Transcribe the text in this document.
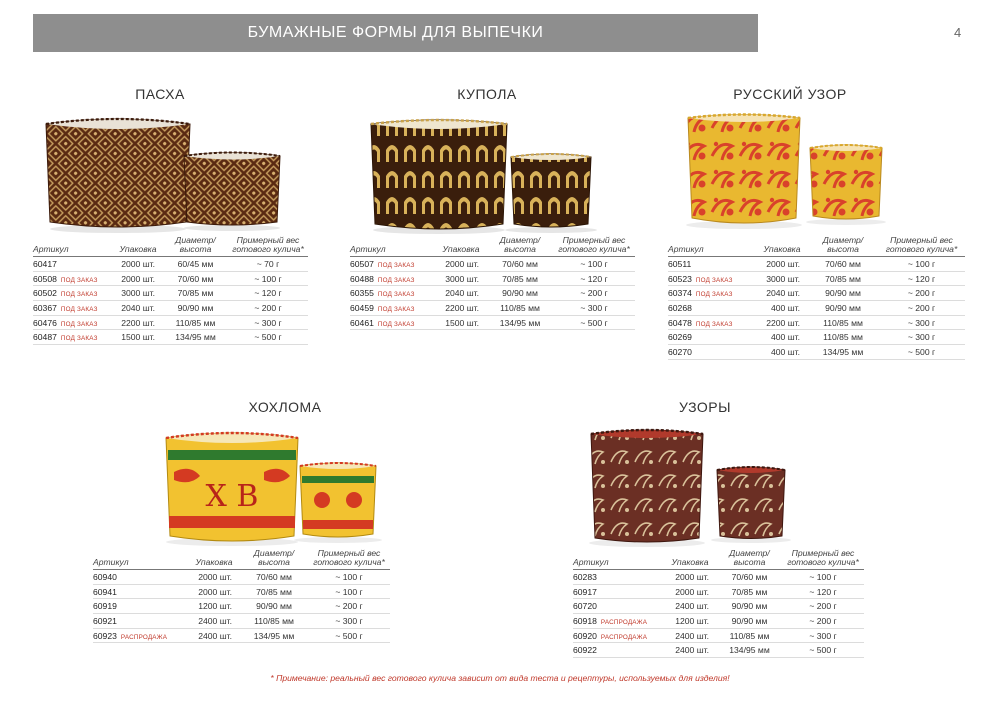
БУМАЖНЫЕ ФОРМЫ ДЛЯ ВЫПЕЧКИ	4
ПАСХА	КУПОЛА	РУССКИЙ УЗОР
ХОХЛОМА	УЗОРЫ
Х В
Артикул	Упаковка	Диаметр/
высота	Примерный вес
готового кулича*
60417	2000 шт.	60/45 мм	~ 70 г
60508 ПОД ЗАКАЗ	2000 шт.	70/60 мм	~ 100 г
60502 ПОД ЗАКАЗ	3000 шт.	70/85 мм	~ 120 г
60367 ПОД ЗАКАЗ	2040 шт.	90/90 мм	~ 200 г
60476 ПОД ЗАКАЗ	2200 шт.	110/85 мм	~ 300 г
60487 ПОД ЗАКАЗ	1500 шт.	134/95 мм	~ 500 г
Артикул	Упаковка	Диаметр/
высота	Примерный вес
готового кулича*
60507 ПОД ЗАКАЗ	2000 шт.	70/60 мм	~ 100 г
60488 ПОД ЗАКАЗ	3000 шт.	70/85 мм	~ 120 г
60355 ПОД ЗАКАЗ	2040 шт.	90/90 мм	~ 200 г
60459 ПОД ЗАКАЗ	2200 шт.	110/85 мм	~ 300 г
60461 ПОД ЗАКАЗ	1500 шт.	134/95 мм	~ 500 г
Артикул	Упаковка	Диаметр/
высота	Примерный вес
готового кулича*
60511	2000 шт.	70/60 мм	~ 100 г
60523 ПОД ЗАКАЗ	3000 шт.	70/85 мм	~ 120 г
60374 ПОД ЗАКАЗ	2040 шт.	90/90 мм	~ 200 г
60268	400 шт.	90/90 мм	~ 200 г
60478 ПОД ЗАКАЗ	2200 шт.	110/85 мм	~ 300 г
60269	400 шт.	110/85 мм	~ 300 г
60270	400 шт.	134/95 мм	~ 500 г
Артикул	Упаковка	Диаметр/
высота	Примерный вес
готового кулича*
60940	2000 шт.	70/60 мм	~ 100 г
60941	2000 шт.	70/85 мм	~ 100 г
60919	1200 шт.	90/90 мм	~ 200 г
60921	2400 шт.	110/85 мм	~ 300 г
60923 РАСПРОДАЖА	2400 шт.	134/95 мм	~ 500 г
Артикул	Упаковка	Диаметр/
высота	Примерный вес
готового кулича*
60283	2000 шт.	70/60 мм	~ 100 г
60917	2000 шт.	70/85 мм	~ 120 г
60720	2400 шт.	90/90 мм	~ 200 г
60918 РАСПРОДАЖА	1200 шт.	90/90 мм	~ 200 г
60920 РАСПРОДАЖА	2400 шт.	110/85 мм	~ 300 г
60922	2400 шт.	134/95 мм	~ 500 г
* Примечание: реальный вес готового кулича зависит от вида теста и рецептуры, используемых для изделия!
